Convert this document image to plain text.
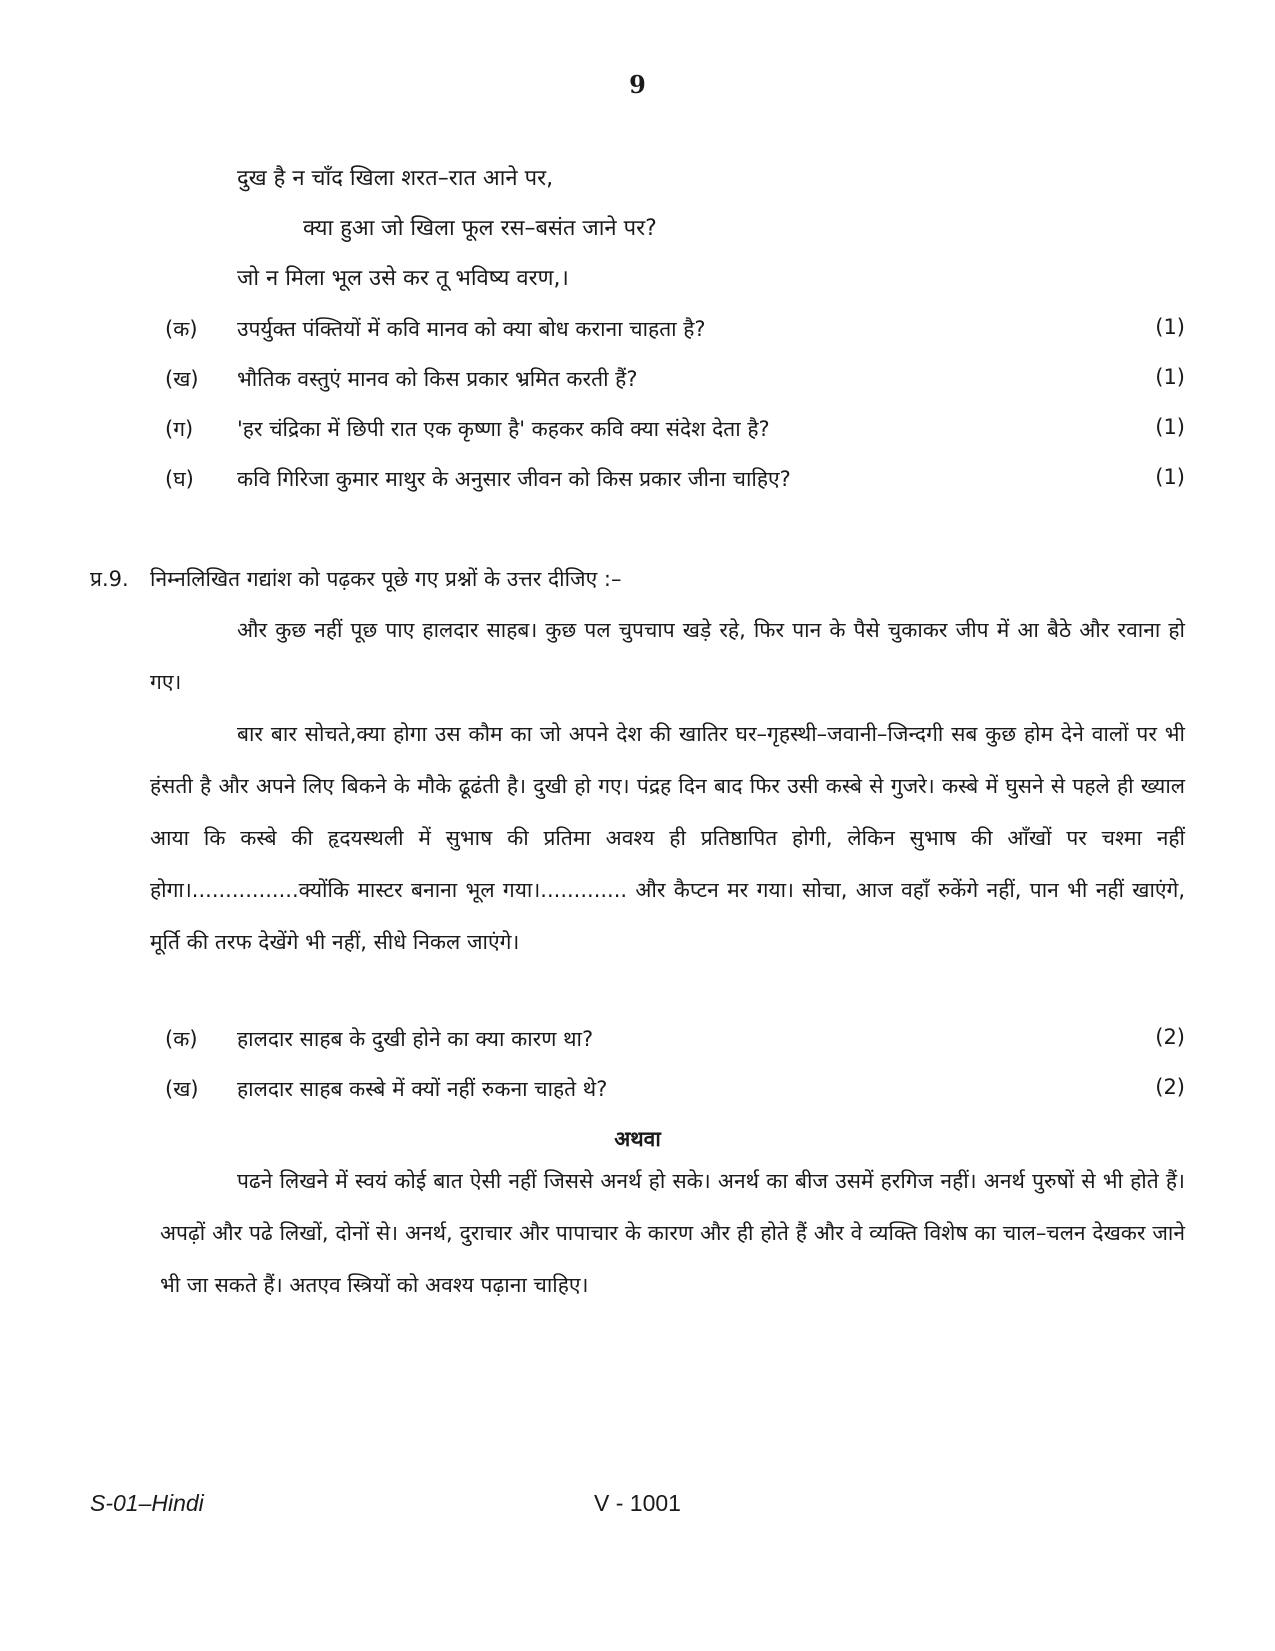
9
दुख है न चाँद खिला शरत–रात आने पर,
क्या हुआ जो खिला फूल रस–बसंत जाने पर?
जो न मिला भूल उसे कर तू भविष्य वरण,।
(क) उपर्युक्त पंक्तियों में कवि मानव को क्या बोध कराना चाहता है?	(1)
(ख) भौतिक वस्तुएं मानव को किस प्रकार भ्रमित करती हैं?	(1)
(ग) 'हर चंद्रिका में छिपी रात एक कृष्णा है' कहकर कवि क्या संदेश देता है?	(1)
(घ) कवि गिरिजा कुमार माथुर के अनुसार जीवन को किस प्रकार जीना चाहिए?	(1)
प्र.9. निम्नलिखित गद्यांश को पढ़कर पूछे गए प्रश्नों के उत्तर दीजिए :–

और कुछ नहीं पूछ पाए हालदार साहब। कुछ पल चुपचाप खड़े रहे, फिर पान के पैसे चुकाकर जीप में आ बैठे और रवाना हो गए।

बार बार सोचते,क्या होगा उस कौम का जो अपने देश की खातिर घर–गृहस्थी–जवानी–जिन्दगी सब कुछ होम देने वालों पर भी हंसती है और अपने लिए बिकने के मौके ढूढंती है। दुखी हो गए। पंद्रह दिन बाद फिर उसी कस्बे से गुजरे। कस्बे में घुसने से पहले ही ख्याल आया कि कस्बे की हृदयस्थली में सुभाष की प्रतिमा अवश्य ही प्रतिष्ठापित होगी, लेकिन सुभाष की आँखों पर चश्मा नहीं होगा।................क्योंकि मास्टर बनाना भूल गया।............. और कैप्टन मर गया। सोचा, आज वहाँ रुकेंगे नहीं, पान भी नहीं खाएंगे, मूर्ति की तरफ देखेंगे भी नहीं, सीधे निकल जाएंगे।

(क) हालदार साहब के दुखी होने का क्या कारण था?	(2)
(ख) हालदार साहब कस्बे में क्यों नहीं रुकना चाहते थे?	(2)
अथवा

पढने लिखने में स्वयं कोई बात ऐसी नहीं जिससे अनर्थ हो सके। अनर्थ का बीज उसमें हरगिज नहीं। अनर्थ पुरुषों से भी होते हैं। अपढ़ों और पढे लिखों, दोनों से। अनर्थ, दुराचार और पापाचार के कारण और ही होते हैं और वे व्यक्ति विशेष का चाल–चलन देखकर जाने भी जा सकते हैं। अतएव स्त्रियों को अवश्य पढ़ाना चाहिए।

V - 1001
S-01–Hindi
